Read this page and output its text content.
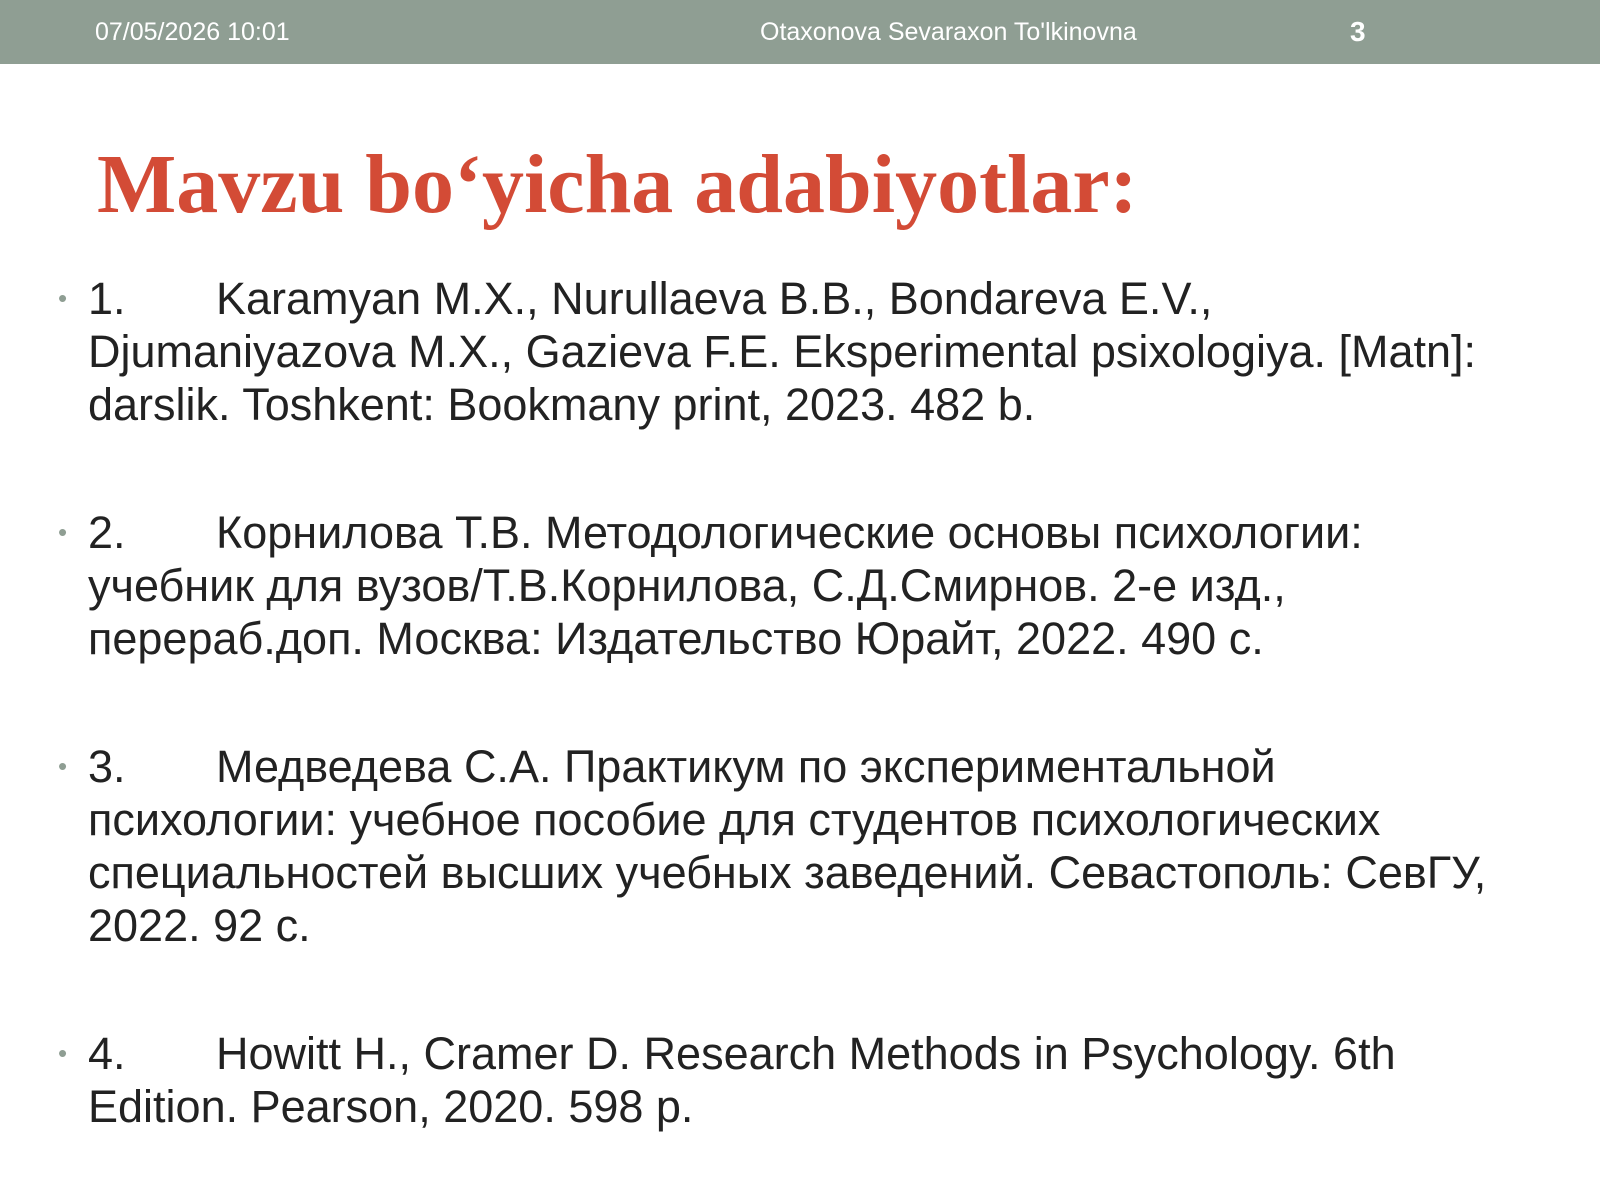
07/05/2026 10:01	Otaxonova Sevaraxon To'lkinovna	3
Mavzu bo‘yicha adabiyotlar:
• 1. Karamyan M.X., Nurullaeva B.B., Bondareva E.V., Djumaniyazova M.X., Gazieva F.E. Eksperimental psixologiya. [Matn]: darslik. Toshkent: Bookmany print, 2023. 482 b.
• 2. Корнилова Т.В. Методологические основы психологии: учебник для вузов/Т.В.Корнилова, С.Д.Смирнов. 2-е изд., перераб.доп. Москва: Издательство Юрайт, 2022. 490 с.
• 3. Медведева С.А. Практикум по экспериментальной психологии: учебное пособие для студентов психологических специальностей высших учебных заведений. Севастополь: СевГУ, 2022. 92 с.
• 4. Howitt H., Cramer D. Research Methods in Psychology. 6th Edition. Pearson, 2020. 598 p.
